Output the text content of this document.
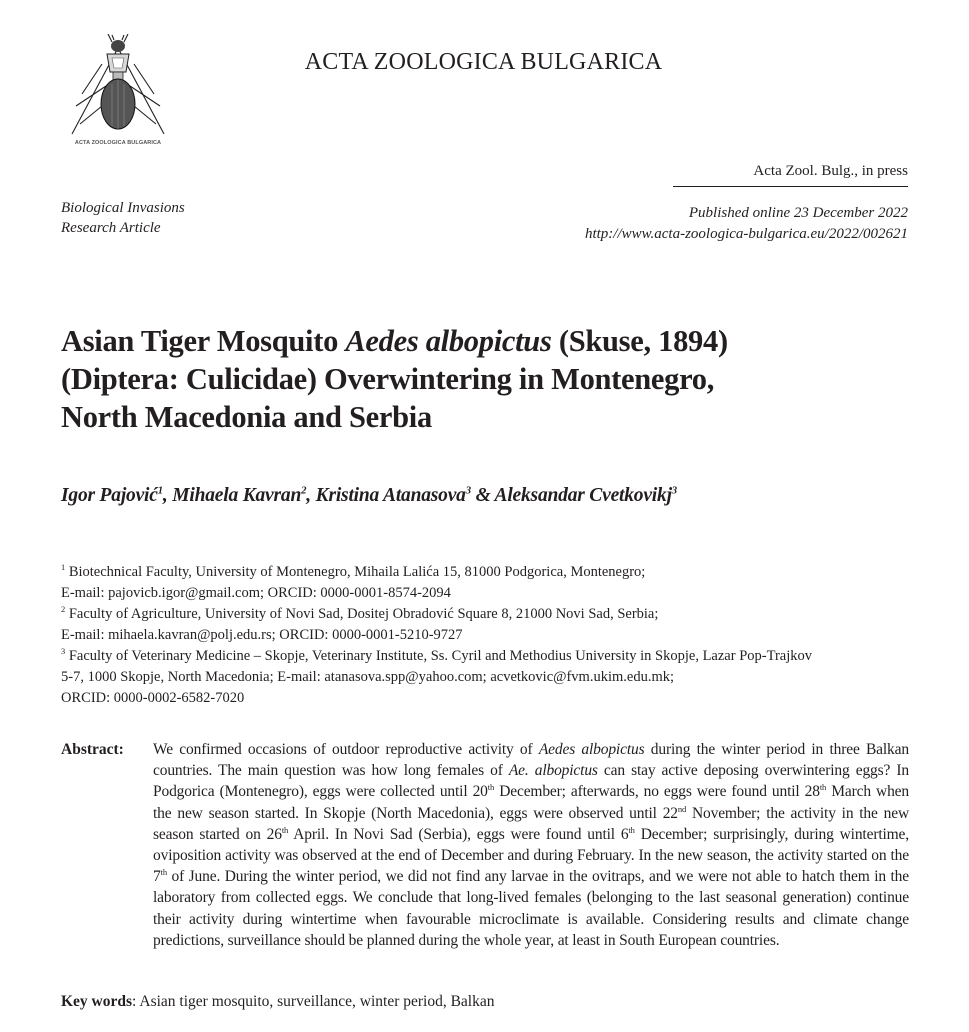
ACTA ZOOLOGICA BULGARICA
ACTA ZOOLOGICA BULGARICA
Acta Zool. Bulg., in press
Biological Invasions
Research Article
Published online 23 December 2022
http://www.acta-zoologica-bulgarica.eu/2022/002621
Asian Tiger Mosquito Aedes albopictus (Skuse, 1894)
(Diptera: Culicidae) Overwintering in Montenegro,
North Macedonia and Serbia
Igor Pajović$^1$, Mihaela Kavran$^2$, Kristina Atanasova$^3$ & Aleksandar Cvetkovikj$^3$
$^1$ Biotechnical Faculty, University of Montenegro, Mihaila Lalića 15, 81000 Podgorica, Montenegro;
E-mail: pajovicb.igor@gmail.com; ORCID: 0000-0001-8574-2094
$^2$ Faculty of Agriculture, University of Novi Sad, Dositej Obradović Square 8, 21000 Novi Sad, Serbia;
E-mail: mihaela.kavran@polj.edu.rs; ORCID: 0000-0001-5210-9727
$^3$ Faculty of Veterinary Medicine – Skopje, Veterinary Institute, Ss. Cyril and Methodius University in Skopje, Lazar Pop-Trajkov
5-7, 1000 Skopje, North Macedonia; E-mail: atanasova.spp@yahoo.com; acvetkovic@fvm.ukim.edu.mk;
ORCID: 0000-0002-6582-7020
Abstract: We confirmed occasions of outdoor reproductive activity of Aedes albopictus during the winter period in three Balkan countries. The main question was how long females of Ae. albopictus can stay active deposing overwintering eggs? In Podgorica (Montenegro), eggs were collected until 20th December; afterwards, no eggs were found until 28th March when the new season started. In Skopje (North Macedonia), eggs were observed until 22nd November; the activity in the new season started on 26th April. In Novi Sad (Serbia), eggs were found until 6th December; surprisingly, during wintertime, oviposition activity was observed at the end of December and during February. In the new season, the activity started on the 7th of June. During the winter period, we did not find any larvae in the ovitraps, and we were not able to hatch them in the laboratory from collected eggs. We conclude that long-lived females (belonging to the last seasonal generation) continue their activity during wintertime when favourable microclimate is available. Considering results and climate change predictions, surveillance should be planned during the whole year, at least in South European countries.
Key words: Asian tiger mosquito, surveillance, winter period, Balkan
